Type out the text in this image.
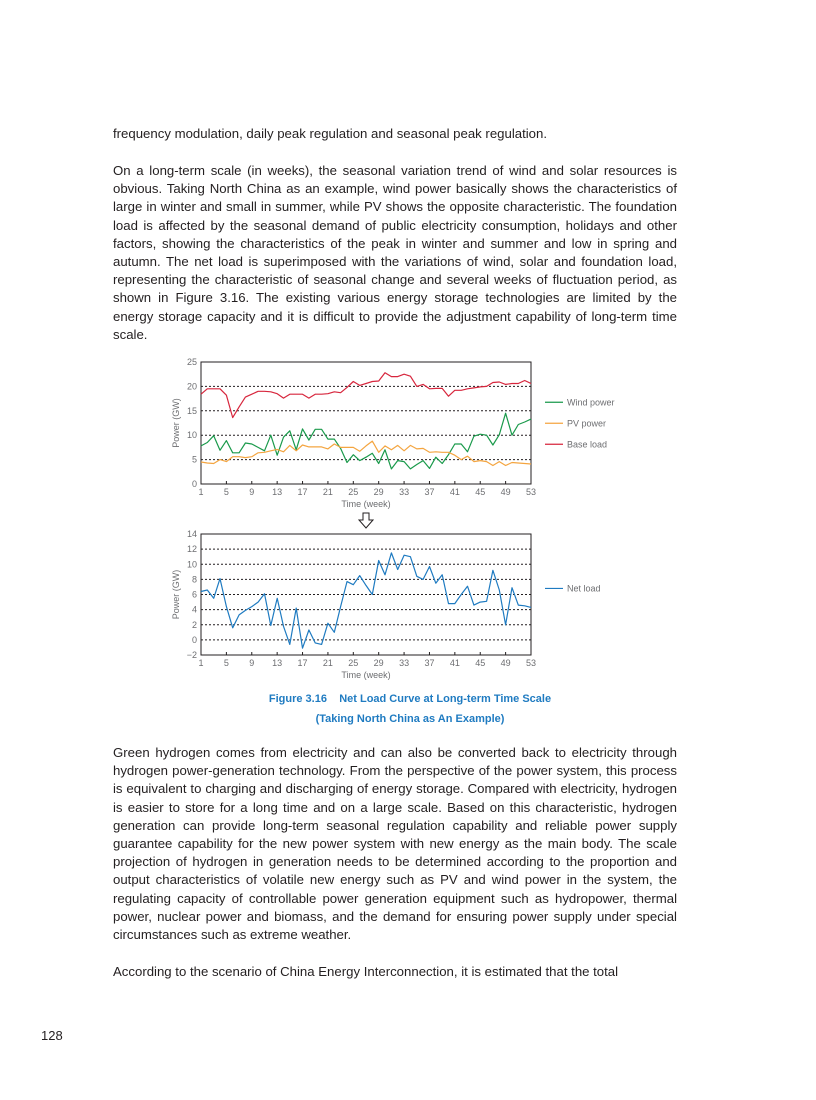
frequency modulation, daily peak regulation and seasonal peak regulation.
On a long-term scale (in weeks), the seasonal variation trend of wind and solar resources is obvious. Taking North China as an example, wind power basically shows the characteristics of large in winter and small in summer, while PV shows the opposite characteristic. The foundation load is affected by the seasonal demand of public electricity consumption, holidays and other factors, showing the characteristics of the peak in winter and summer and low in spring and autumn. The net load is superimposed with the variations of wind, solar and foundation load, representing the characteristic of seasonal change and several weeks of fluctuation period, as shown in Figure 3.16. The existing various energy storage technologies are limited by the energy storage capacity and it is difficult to provide the adjustment capability of long-term time scale.
0
5
10
15
20
25
1 5 9 13 17 21 25 29 33 37 41 45 49 53
Time (week)
Power (GW)	Wind power
PV power
Base load
−2
0
2
4
6
8
10
12
14
1 5 9 13 17 21 25 29 33 37 41 45 49 53
Time (week)
Power (GW)	Net load
Figure 3.16    Net Load Curve at Long-term Time Scale
(Taking North China as An Example)
Green hydrogen comes from electricity and can also be converted back to electricity through hydrogen power-generation technology. From the perspective of the power system, this process is equivalent to charging and discharging of energy storage. Compared with electricity, hydrogen is easier to store for a long time and on a large scale. Based on this characteristic, hydrogen generation can provide long-term seasonal regulation capability and reliable power supply guarantee capability for the new power system with new energy as the main body. The scale projection of hydrogen in generation needs to be determined according to the proportion and output characteristics of volatile new energy such as PV and wind power in the system, the regulating capacity of controllable power generation equipment such as hydropower, thermal power, nuclear power and biomass, and the demand for ensuring power supply under special circumstances such as extreme weather.
According to the scenario of China Energy Interconnection, it is estimated that the total
128
